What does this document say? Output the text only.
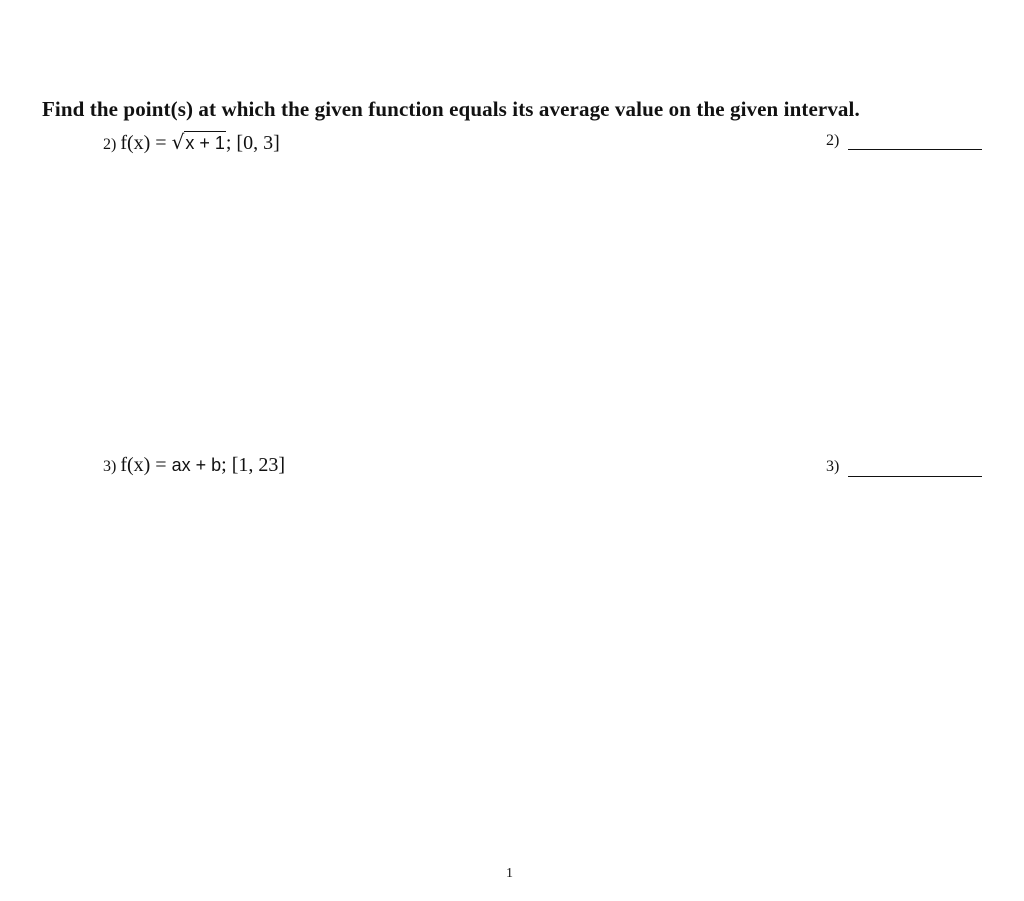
Find the point(s) at which the given function equals its average value on the given interval.
2) f(x) = √x + 1; [0, 3]	2)
3) f(x) = ax + b; [1, 23]	3)
1
